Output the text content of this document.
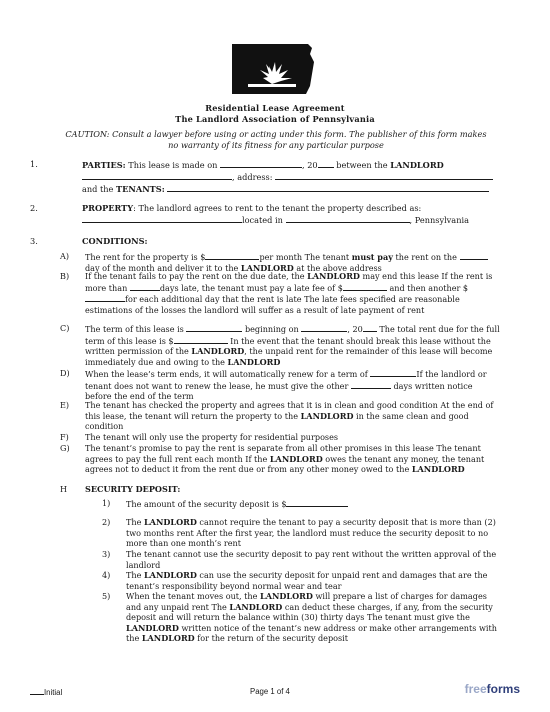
Residential Lease Agreement
The Landlord Association of Pennsylvania
CAUTION: Consult a lawyer before using or acting under this form. The publisher of this form makes
no warranty of its fitness for any particular purpose
1.	PARTIES: This lease is made on	, 20 between the LANDLORD
, address:
and the TENANTS:
2.	PROPERTY: The landlord agrees to rent to the tenant the property described as:
located in	, Pennsylvania
3.	CONDITIONS:
A) The rent for the property is $	per month The tenant must pay the rent on the day of the month and deliver it to the LANDLORD at the above address
B) If the tenant fails to pay the rent on the due date, the LANDLORD may end this lease If the rent is more than	days late, the tenant must pay a late fee of $	and then another $for each additional day that the rent is late The late fees specified are reasonable estimations of the losses the landlord will suffer as a result of late payment of rent
C) The term of this lease is	beginning on	, 20 The total rent due for the full term of this lease is $	In the event that the tenant should break this lease without the written permission of the LANDLORD, the unpaid rent for the remainder of this lease will become immediately due and owing to the LANDLORD
D) When the lease’s term ends, it will automatically renew for a term of	If the landlord or tenant does not want to renew the lease, he must give the other	days written notice before the end of the term
E) The tenant has checked the property and agrees that it is in clean and good condition At the end of this lease, the tenant will return the property to the LANDLORD in the same clean and good condition
F) The tenant will only use the property for residential purposes
G) The tenant’s promise to pay the rent is separate from all other promises in this lease The tenant agrees to pay the full rent each month If the LANDLORD owes the tenant any money, the tenant agrees not to deduct it from the rent due or from any other money owed to the LANDLORD
H SECURITY DEPOSIT:
1) The amount of the security deposit is $
2) The LANDLORD cannot require the tenant to pay a security deposit that is more than (2) two months rent After the first year, the landlord must reduce the security deposit to no more than one month’s rent
3) The tenant cannot use the security deposit to pay rent without the written approval of the landlord
4) The LANDLORD can use the security deposit for unpaid rent and damages that are the tenant’s responsibility beyond normal wear and tear
5) When the tenant moves out, the LANDLORD will prepare a list of charges for damages and any unpaid rent The LANDLORD can deduct these charges, if any, from the security deposit and will return the balance within (30) thirty days The tenant must give the LANDLORD written notice of the tenant’s new address or make other arrangements with the LANDLORD for the return of the security deposit
Initial	Page 1 of 4	freeforms
